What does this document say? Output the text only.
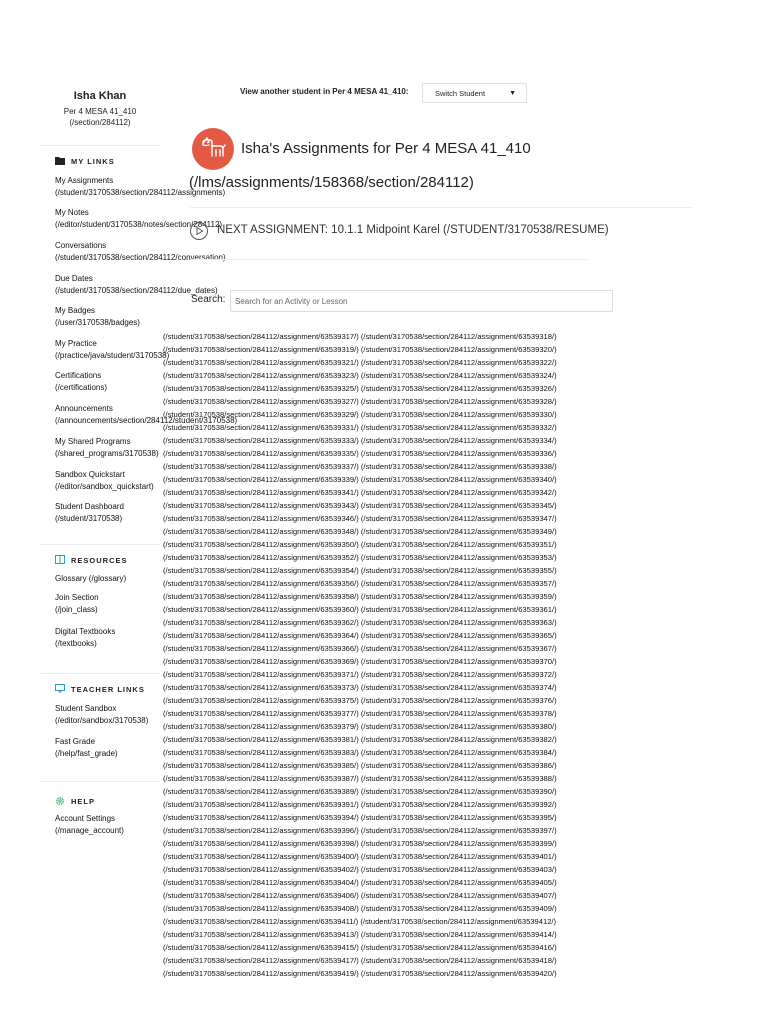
Isha Khan
Per 4 MESA 41_410
(/section/284112)
MY LINKS
My Assignments
(/student/3170538/section/284112/assignments)
My Notes
(/editor/student/3170538/notes/section/284112)
Conversations
(/student/3170538/section/284112/conversation)
Due Dates
(/student/3170538/section/284112/due_dates)
My Badges
(/user/3170538/badges)
My Practice
(/practice/java/student/3170538)
Certifications
(/certifications)
Announcements
(/announcements/section/284112/student/3170538)
My Shared Programs
(/shared_programs/3170538)
Sandbox Quickstart
(/editor/sandbox_quickstart)
Student Dashboard
(/student/3170538)
RESOURCES
Glossary (/glossary)
Join Section
(/join_class)
Digital Textbooks
(/textbooks)
TEACHER LINKS
Student Sandbox
(/editor/sandbox/3170538)
Fast Grade
(/help/fast_grade)
HELP
Account Settings
(/manage_account)
View another student in Per 4 MESA 41_410:	Switch Student	▼
Isha's Assignments for Per 4 MESA 41_410
(/lms/assignments/158368/section/284112)
NEXT ASSIGNMENT: 10.1.1 Midpoint Karel (/STUDENT/3170538/RESUME)
Search:
Search for an Activity or Lesson
(/student/3170538/section/284112/assignment/63539317/) (/student/3170538/section/284112/assignment/63539318/)
(/student/3170538/section/284112/assignment/63539319/) (/student/3170538/section/284112/assignment/63539320/)
(/student/3170538/section/284112/assignment/63539321/) (/student/3170538/section/284112/assignment/63539322/)
(/student/3170538/section/284112/assignment/63539323/) (/student/3170538/section/284112/assignment/63539324/)
(/student/3170538/section/284112/assignment/63539325/) (/student/3170538/section/284112/assignment/63539326/)
(/student/3170538/section/284112/assignment/63539327/) (/student/3170538/section/284112/assignment/63539328/)
(/student/3170538/section/284112/assignment/63539329/) (/student/3170538/section/284112/assignment/63539330/)
(/student/3170538/section/284112/assignment/63539331/) (/student/3170538/section/284112/assignment/63539332/)
(/student/3170538/section/284112/assignment/63539333/) (/student/3170538/section/284112/assignment/63539334/)
(/student/3170538/section/284112/assignment/63539335/) (/student/3170538/section/284112/assignment/63539336/)
(/student/3170538/section/284112/assignment/63539337/) (/student/3170538/section/284112/assignment/63539338/)
(/student/3170538/section/284112/assignment/63539339/) (/student/3170538/section/284112/assignment/63539340/)
(/student/3170538/section/284112/assignment/63539341/) (/student/3170538/section/284112/assignment/63539342/)
(/student/3170538/section/284112/assignment/63539343/) (/student/3170538/section/284112/assignment/63539345/)
(/student/3170538/section/284112/assignment/63539346/) (/student/3170538/section/284112/assignment/63539347/)
(/student/3170538/section/284112/assignment/63539348/) (/student/3170538/section/284112/assignment/63539349/)
(/student/3170538/section/284112/assignment/63539350/) (/student/3170538/section/284112/assignment/63539351/)
(/student/3170538/section/284112/assignment/63539352/) (/student/3170538/section/284112/assignment/63539353/)
(/student/3170538/section/284112/assignment/63539354/) (/student/3170538/section/284112/assignment/63539355/)
(/student/3170538/section/284112/assignment/63539356/) (/student/3170538/section/284112/assignment/63539357/)
(/student/3170538/section/284112/assignment/63539358/) (/student/3170538/section/284112/assignment/63539359/)
(/student/3170538/section/284112/assignment/63539360/) (/student/3170538/section/284112/assignment/63539361/)
(/student/3170538/section/284112/assignment/63539362/) (/student/3170538/section/284112/assignment/63539363/)
(/student/3170538/section/284112/assignment/63539364/) (/student/3170538/section/284112/assignment/63539365/)
(/student/3170538/section/284112/assignment/63539366/) (/student/3170538/section/284112/assignment/63539367/)
(/student/3170538/section/284112/assignment/63539369/) (/student/3170538/section/284112/assignment/63539370/)
(/student/3170538/section/284112/assignment/63539371/) (/student/3170538/section/284112/assignment/63539372/)
(/student/3170538/section/284112/assignment/63539373/) (/student/3170538/section/284112/assignment/63539374/)
(/student/3170538/section/284112/assignment/63539375/) (/student/3170538/section/284112/assignment/63539376/)
(/student/3170538/section/284112/assignment/63539377/) (/student/3170538/section/284112/assignment/63539378/)
(/student/3170538/section/284112/assignment/63539379/) (/student/3170538/section/284112/assignment/63539380/)
(/student/3170538/section/284112/assignment/63539381/) (/student/3170538/section/284112/assignment/63539382/)
(/student/3170538/section/284112/assignment/63539383/) (/student/3170538/section/284112/assignment/63539384/)
(/student/3170538/section/284112/assignment/63539385/) (/student/3170538/section/284112/assignment/63539386/)
(/student/3170538/section/284112/assignment/63539387/) (/student/3170538/section/284112/assignment/63539388/)
(/student/3170538/section/284112/assignment/63539389/) (/student/3170538/section/284112/assignment/63539390/)
(/student/3170538/section/284112/assignment/63539391/) (/student/3170538/section/284112/assignment/63539392/)
(/student/3170538/section/284112/assignment/63539394/) (/student/3170538/section/284112/assignment/63539395/)
(/student/3170538/section/284112/assignment/63539396/) (/student/3170538/section/284112/assignment/63539397/)
(/student/3170538/section/284112/assignment/63539398/) (/student/3170538/section/284112/assignment/63539399/)
(/student/3170538/section/284112/assignment/63539400/) (/student/3170538/section/284112/assignment/63539401/)
(/student/3170538/section/284112/assignment/63539402/) (/student/3170538/section/284112/assignment/63539403/)
(/student/3170538/section/284112/assignment/63539404/) (/student/3170538/section/284112/assignment/63539405/)
(/student/3170538/section/284112/assignment/63539406/) (/student/3170538/section/284112/assignment/63539407/)
(/student/3170538/section/284112/assignment/63539408/) (/student/3170538/section/284112/assignment/63539409/)
(/student/3170538/section/284112/assignment/63539411/) (/student/3170538/section/284112/assignment/63539412/)
(/student/3170538/section/284112/assignment/63539413/) (/student/3170538/section/284112/assignment/63539414/)
(/student/3170538/section/284112/assignment/63539415/) (/student/3170538/section/284112/assignment/63539416/)
(/student/3170538/section/284112/assignment/63539417/) (/student/3170538/section/284112/assignment/63539418/)
(/student/3170538/section/284112/assignment/63539419/) (/student/3170538/section/284112/assignment/63539420/)
